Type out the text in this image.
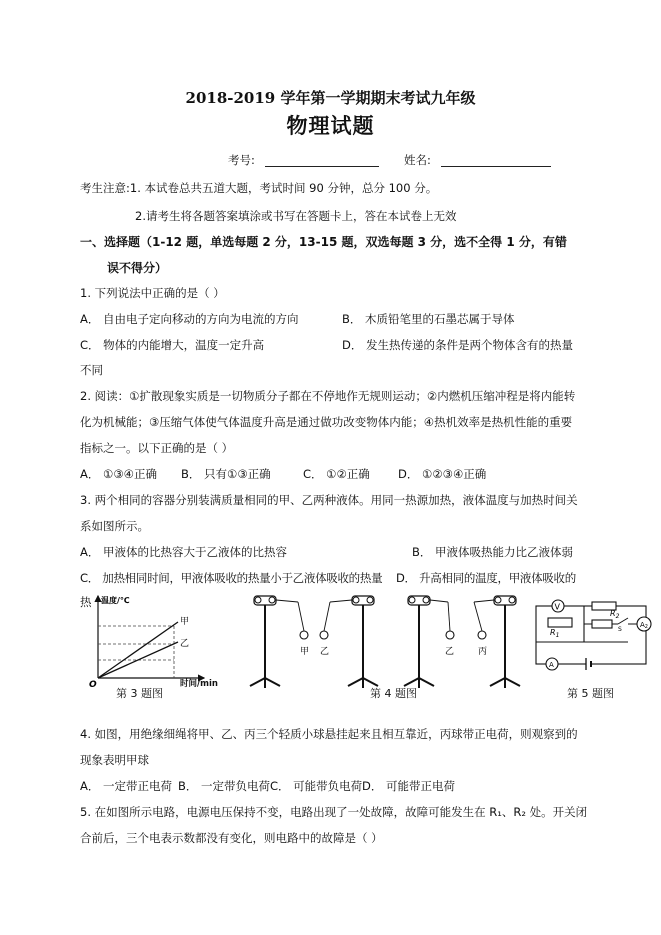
2018-2019 学年第一学期期末考试九年级
物理试题
考号:	姓名:
考生注意:1. 本试卷总共五道大题，考试时间 90 分钟，总分 100 分。
2.请考生将各题答案填涂或书写在答题卡上，答在本试卷上无效
一、选择题（1-12 题，单选每题 2 分，13-15 题，双选每题 3 分，选不全得 1 分，有错
误不得分）
1. 下列说法中正确的是（ ）
A． 自由电子定向移动的方向为电流的方向	B． 木质铅笔里的石墨芯属于导体
C． 物体的内能增大，温度一定升高	D． 发生热传递的条件是两个物体含有的热量
不同
2. 阅读：①扩散现象实质是一切物质分子都在不停地作无规则运动；②内燃机压缩冲程是将内能转
化为机械能；③压缩气体使气体温度升高是通过做功改变物体内能；④热机效率是热机性能的重要
指标之一。以下正确的是（ ）
A． ①③④正确 B． 只有①③正确	C． ①②正确 D． ①②③④正确
3. 两个相同的容器分别装满质量相同的甲、乙两种液体。用同一热源加热，液体温度与加热时间关
系如图所示。
A． 甲液体的比热容大于乙液体的比热容	B． 甲液体吸热能力比乙液体弱
C． 加热相同时间，甲液体吸收的热量小于乙液体吸收的热量 D． 升高相同的温度，甲液体吸收的
热 温度/℃
甲
乙
O	时间/min
第 3 题图
甲 乙	乙	丙
第 4 题图
V
$R_1$
$R_2$
S
A2
A
第 5 题图
4. 如图，用绝缘细绳将甲、乙、丙三个轻质小球悬挂起来且相互靠近，丙球带正电荷，则观察到的
现象表明甲球
A． 一定带正电荷 B． 一定带负电荷 C． 可能带负电荷 D． 可能带正电荷
5. 在如图所示电路，电源电压保持不变，电路出现了一处故障，故障可能发生在 R₁、R₂ 处。开关闭
合前后，三个电表示数都没有变化，则电路中的故障是（ ）
